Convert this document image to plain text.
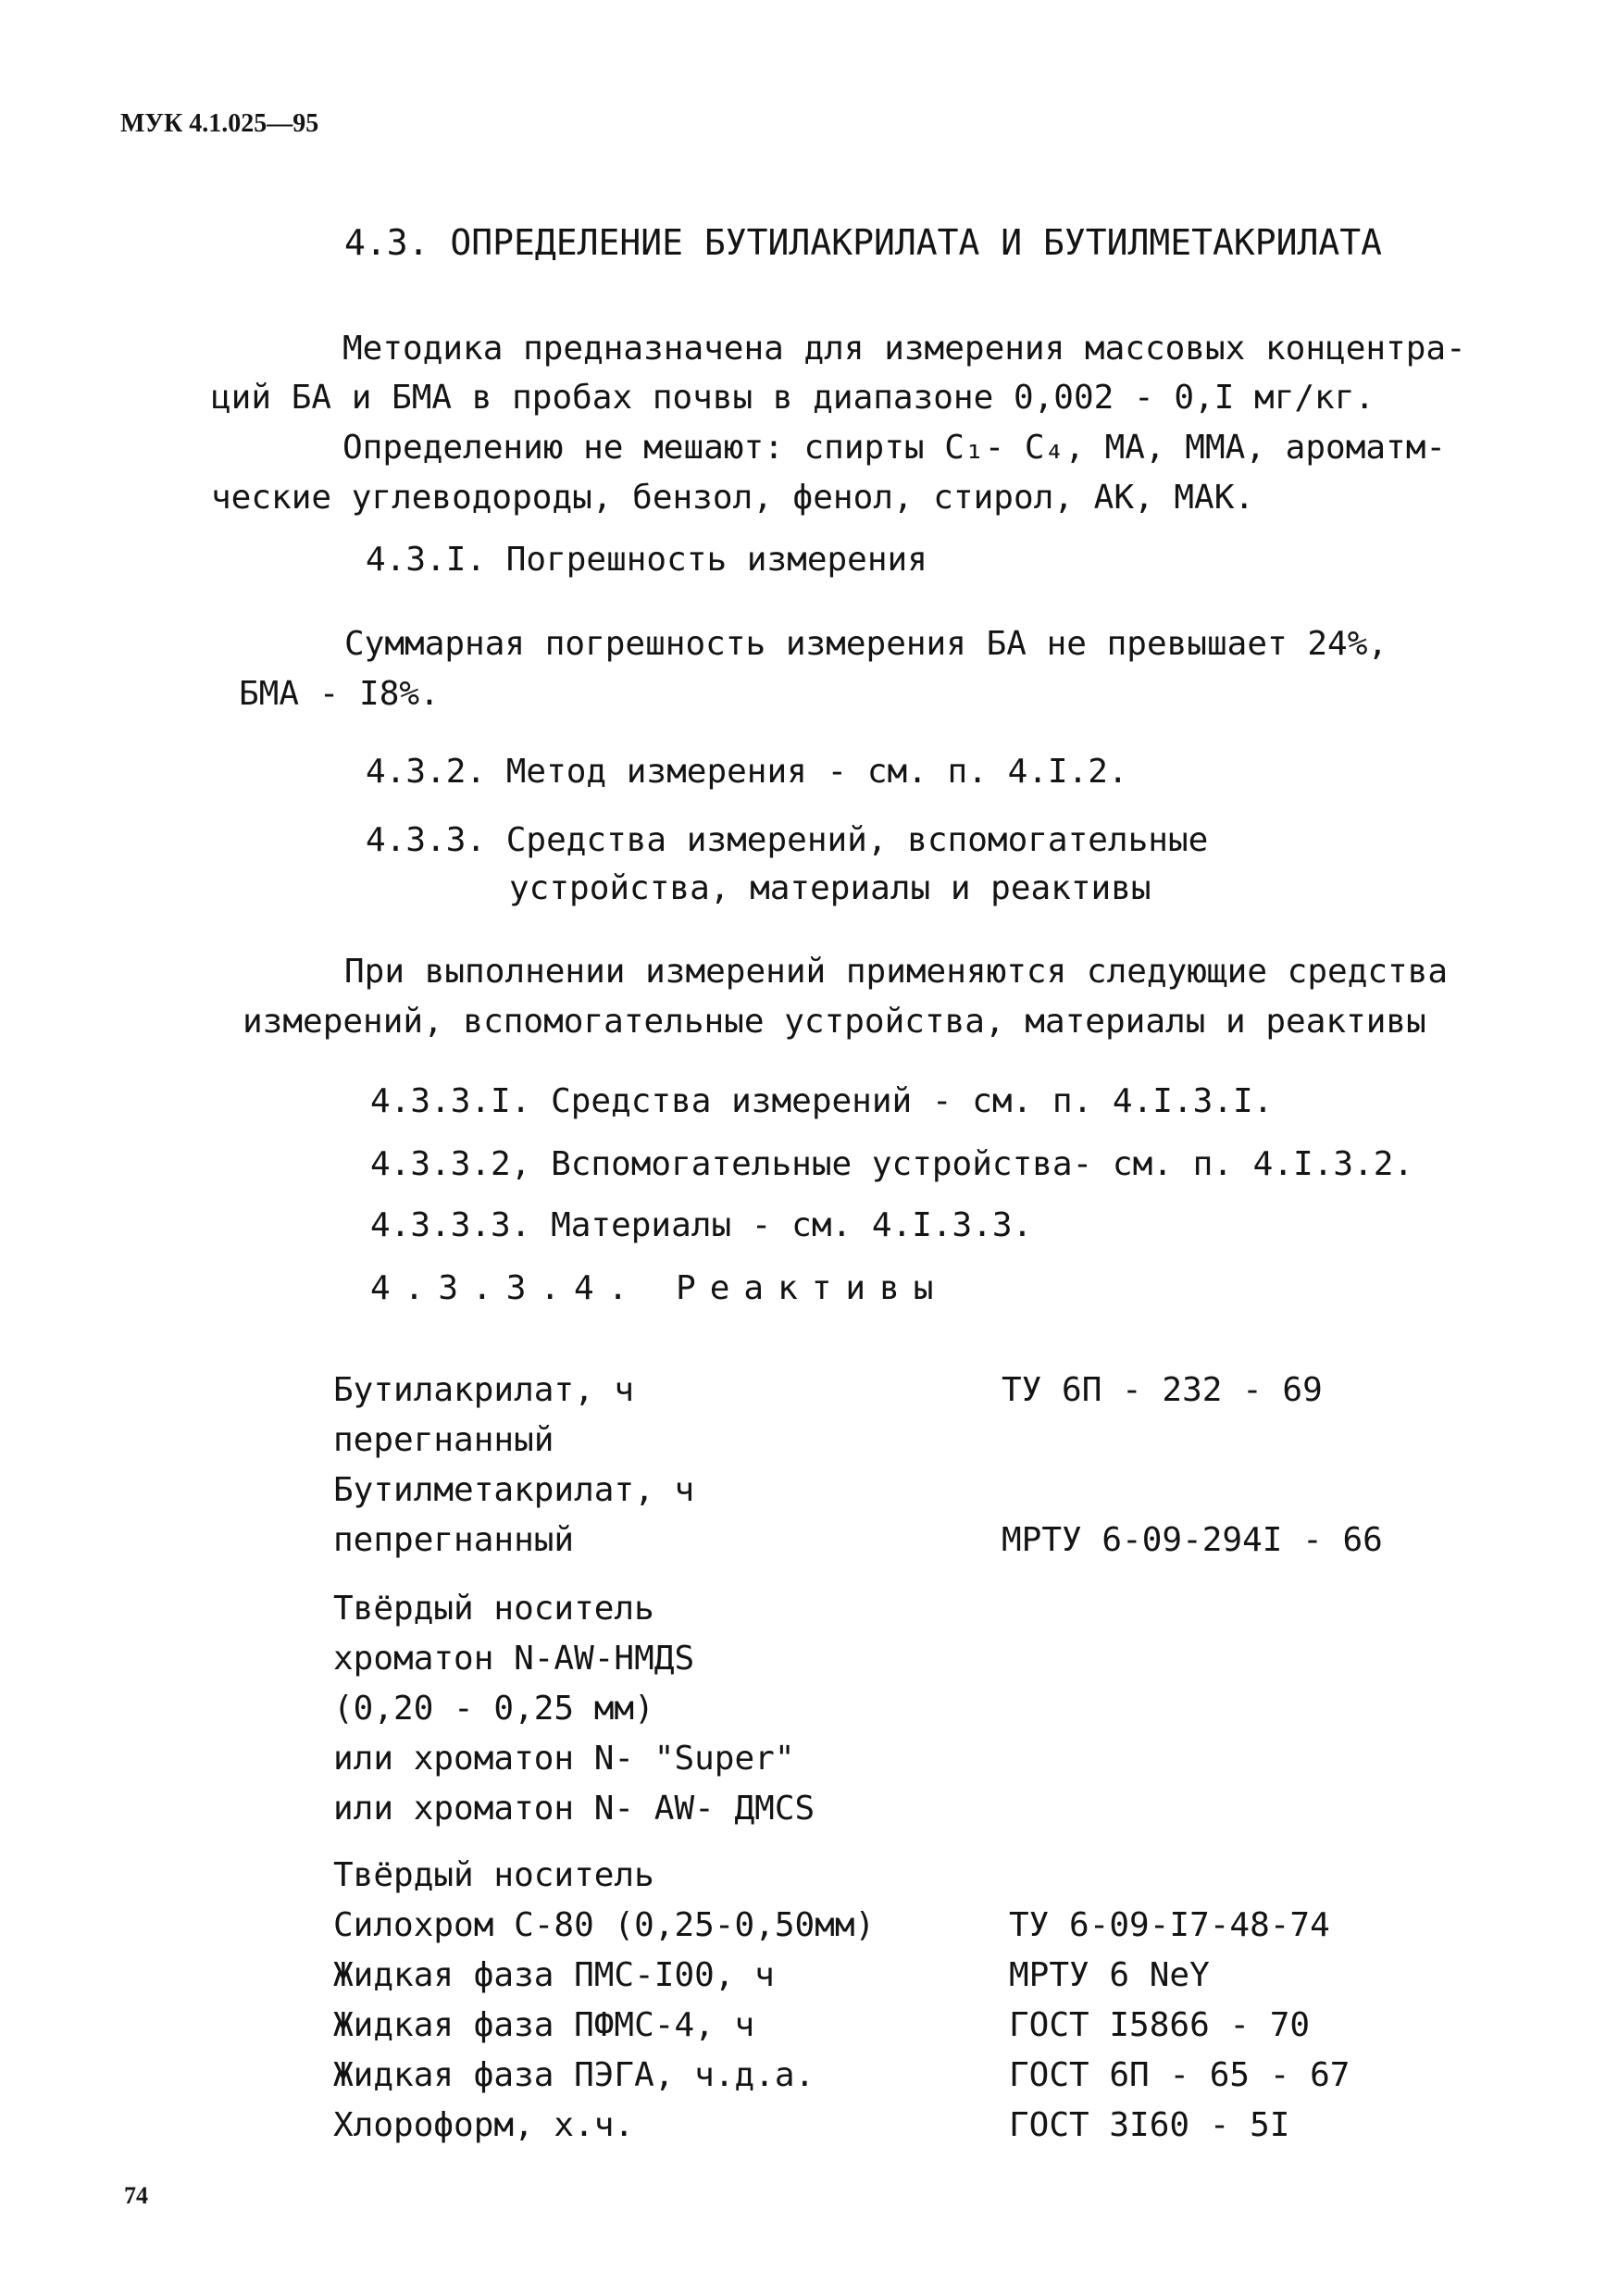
МУК 4.1.025—95
4.3. ОПРЕДЕЛЕНИЕ БУТИЛАКРИЛАТА И БУТИЛМЕТАКРИЛАТА
Методика предназначена для измерения массовых концентра-
ций БА и БМА в пробах почвы в диапазоне 0,002 - 0,I мг/кг.
Определению не мешают: спирты C₁- C₄, МА, ММА, ароматм-
ческие углеводороды, бензол, фенол, стирол, АК, МАК.
4.3.I. Погрешность измерения
Суммарная погрешность измерения БА не превышает 24%,
БМА - I8%.
4.3.2. Метод измерения - см. п. 4.I.2.
4.3.3. Средства измерений, вспомогательные
устройства, материалы и реактивы
При выполнении измерений применяются следующие средства
измерений, вспомогательные устройства, материалы и реактивы
4.3.3.I. Средства измерений - см. п. 4.I.3.I.
4.3.3.2, Вспомогательные устройства- см. п. 4.I.3.2.
4.3.3.3. Материалы - см. 4.I.3.3.
4.3.3.4. Реактивы
Бутилакрилат, ч
перегнанный
Бутилметакрилат, ч
пепрегнанный
Твёрдый носитель
хроматон N-AW-HMДS
(0,20 - 0,25 мм)
или хроматон N- "Super"
или хроматон N- AW- ДМСS
Твёрдый носитель
Силохром С-80 (0,25-0,50мм)
Жидкая фаза ПМС-I00, ч
Жидкая фаза ПФМС-4, ч
Жидкая фаза ПЭГА, ч.д.а.
Хлороформ, х.ч.
ТУ 6П - 232 - 69
МРТУ 6-09-294I - 66
ТУ 6-09-I7-48-74
МРТУ 6 NeY
ГОСТ I5866 - 70
ГОСТ 6П - 65 - 67
ГОСТ 3I60 - 5I
74
